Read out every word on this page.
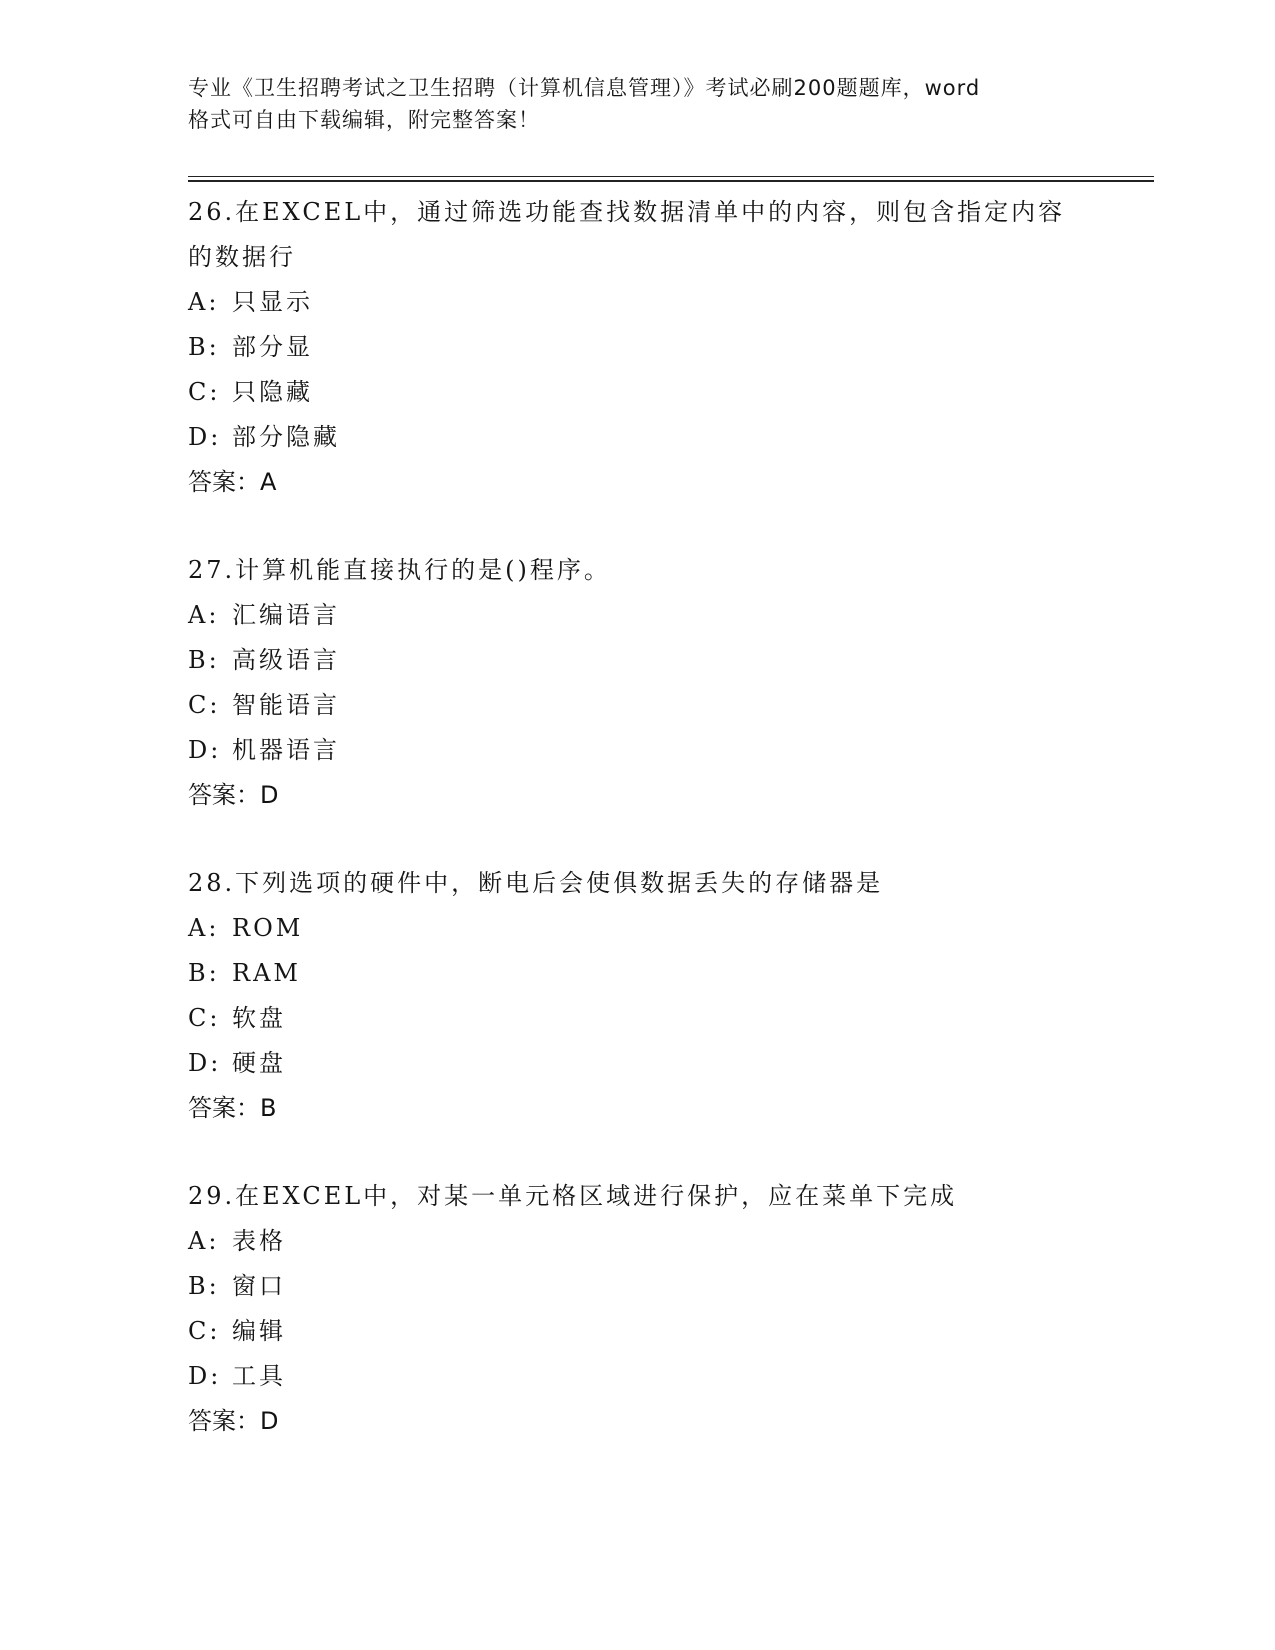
专业《卫生招聘考试之卫生招聘（计算机信息管理）》考试必刷200题题库，word
格式可自由下载编辑，附完整答案！
26.在EXCEL中，通过筛选功能查找数据清单中的内容，则包含指定内容的数据行
A: 只显示
B: 部分显
C: 只隐藏
D: 部分隐藏
答案：A
27.计算机能直接执行的是()程序。
A: 汇编语言
B: 高级语言
C: 智能语言
D: 机器语言
答案：D
28.下列选项的硬件中，断电后会使俱数据丢失的存储器是
A: ROM
B: RAM
C: 软盘
D: 硬盘
答案：B
29.在EXCEL中，对某一单元格区域进行保护，应在菜单下完成
A: 表格
B: 窗口
C: 编辑
D: 工具
答案：D
